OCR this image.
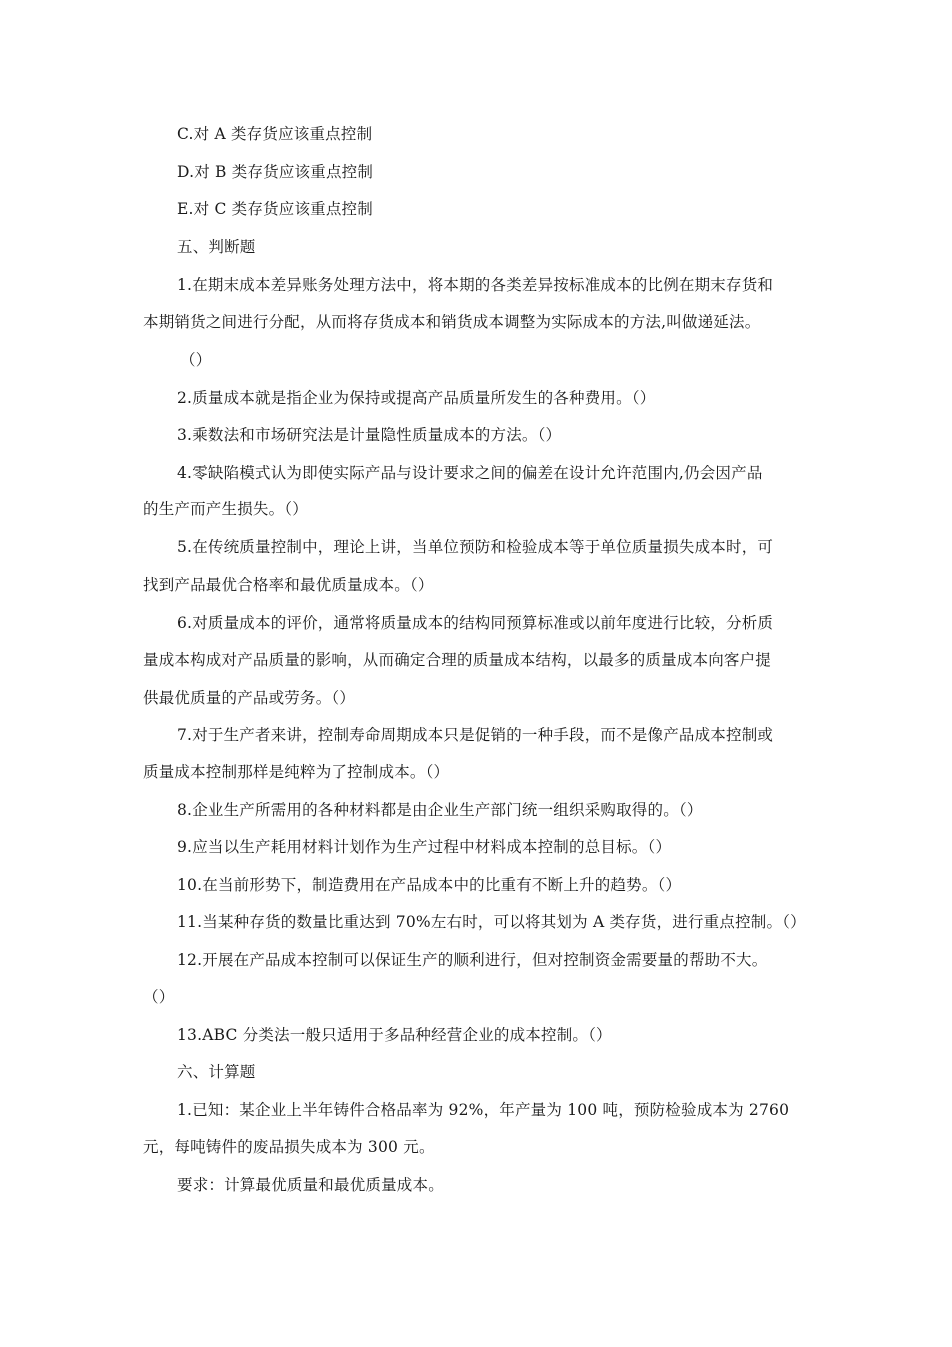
C.对 A 类存货应该重点控制
D.对 B 类存货应该重点控制
E.对 C 类存货应该重点控制
五、判断题
1.在期末成本差异账务处理方法中，将本期的各类差异按标准成本的比例在期末存货和
本期销货之间进行分配，从而将存货成本和销货成本调整为实际成本的方法,叫做递延法。
（）
2.质量成本就是指企业为保持或提高产品质量所发生的各种费用。（）
3.乘数法和市场研究法是计量隐性质量成本的方法。（）
4.零缺陷模式认为即使实际产品与设计要求之间的偏差在设计允许范围内,仍会因产品
的生产而产生损失。（）
5.在传统质量控制中，理论上讲，当单位预防和检验成本等于单位质量损失成本时，可
找到产品最优合格率和最优质量成本。（）
6.对质量成本的评价，通常将质量成本的结构同预算标准或以前年度进行比较，分析质
量成本构成对产品质量的影响，从而确定合理的质量成本结构，以最多的质量成本向客户提
供最优质量的产品或劳务。（）
7.对于生产者来讲，控制寿命周期成本只是促销的一种手段，而不是像产品成本控制或
质量成本控制那样是纯粹为了控制成本。（）
8.企业生产所需用的各种材料都是由企业生产部门统一组织采购取得的。（）
9.应当以生产耗用材料计划作为生产过程中材料成本控制的总目标。（）
10.在当前形势下，制造费用在产品成本中的比重有不断上升的趋势。（）
11.当某种存货的数量比重达到 70%左右时，可以将其划为 A 类存货，进行重点控制。（）
12.开展在产品成本控制可以保证生产的顺利进行，但对控制资金需要量的帮助不大。
（）
13.ABC 分类法一般只适用于多品种经营企业的成本控制。（）
六、计算题
1.已知：某企业上半年铸件合格品率为 92%，年产量为 100 吨，预防检验成本为 2760
元，每吨铸件的废品损失成本为 300 元。
要求：计算最优质量和最优质量成本。
